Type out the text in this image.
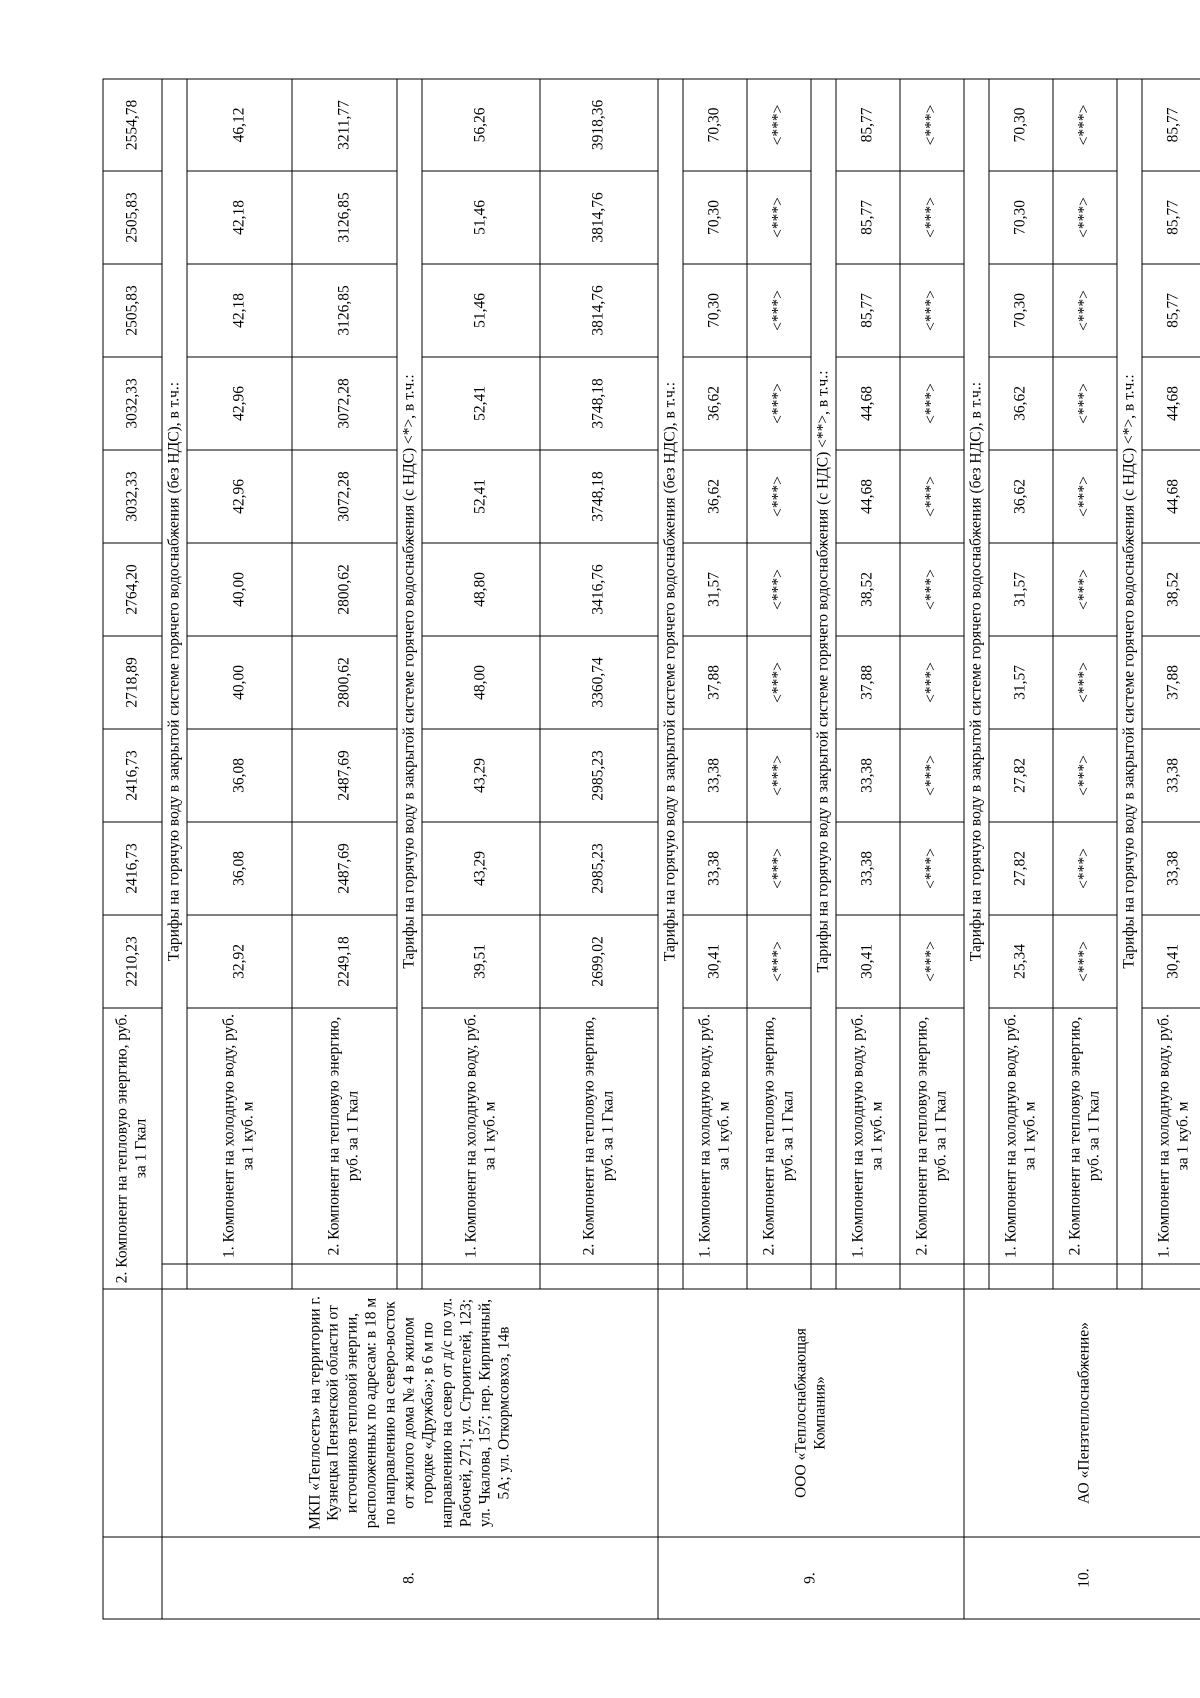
		2. Компонент на тепловую энергию, руб. за 1 Гкал		2210,23	2416,73	2416,73	2718,89	2764,20	3032,33	3032,33	2505,83	2505,83	2554,78
8.	МКП «Теплосеть» на территории г. Кузнецка Пензенской области от источников тепловой энергии, расположенных по адресам: в 18 м по направлению на северо-восток от жилого дома № 4 в жилом городке «Дружба»; в 6 м по направлению на север от д/с по ул. Рабочей, 271; ул. Строителей, 123; ул. Чкалова, 157; пер. Кирпичный, 5А; ул. Откормсовхоз, 14в		Тарифы на горячую воду в закрытой системе горячего водоснабжения (без НДС), в т.ч.:										
			1. Компонент на холодную воду, руб. за 1 куб. м	32,92	36,08	36,08	40,00	40,00	42,96	42,96	42,18	42,18	46,12
			2. Компонент на тепловую энергию, руб. за 1 Гкал	2249,18	2487,69	2487,69	2800,62	2800,62	3072,28	3072,28	3126,85	3126,85	3211,77
			Тарифы на горячую воду в закрытой системе горячего водоснабжения (с НДС) <*>, в т.ч.:										
			1. Компонент на холодную воду, руб. за 1 куб. м	39,51	43,29	43,29	48,00	48,80	52,41	52,41	51,46	51,46	56,26
			2. Компонент на тепловую энергию, руб. за 1 Гкал	2699,02	2985,23	2985,23	3360,74	3416,76	3748,18	3748,18	3814,76	3814,76	3918,36
9.	ООО «Теплоснабжающая Компания»		Тарифы на горячую воду в закрытой системе горячего водоснабжения (без НДС), в т.ч.:										
			1. Компонент на холодную воду, руб. за 1 куб. м	30,41	33,38	33,38	37,88	31,57	36,62	36,62	70,30	70,30	70,30
			2. Компонент на тепловую энергию, руб. за 1 Гкал	<***>	<***>	<***>	<***>	<***>	<***>	<***>	<***>	<***>	<***>
			Тарифы на горячую воду в закрытой системе горячего водоснабжения (с НДС) <**>, в т.ч.:										
			1. Компонент на холодную воду, руб. за 1 куб. м	30,41	33,38	33,38	37,88	38,52	44,68	44,68	85,77	85,77	85,77
			2. Компонент на тепловую энергию, руб. за 1 Гкал	<***>	<***>	<***>	<***>	<***>	<***>	<***>	<***>	<***>	<***>
10.	АО «Пензтеплоснабжение»		Тарифы на горячую воду в закрытой системе горячего водоснабжения (без НДС), в т.ч.:										
			1. Компонент на холодную воду, руб. за 1 куб. м	25,34	27,82	27,82	31,57	31,57	36,62	36,62	70,30	70,30	70,30
			2. Компонент на тепловую энергию, руб. за 1 Гкал	<***>	<***>	<***>	<***>	<***>	<***>	<***>	<***>	<***>	<***>
			Тарифы на горячую воду в закрытой системе горячего водоснабжения (с НДС) <*>, в т.ч.:										
			1. Компонент на холодную воду, руб. за 1 куб. м	30,41	33,38	33,38	37,88	38,52	44,68	44,68	85,77	85,77	85,77
